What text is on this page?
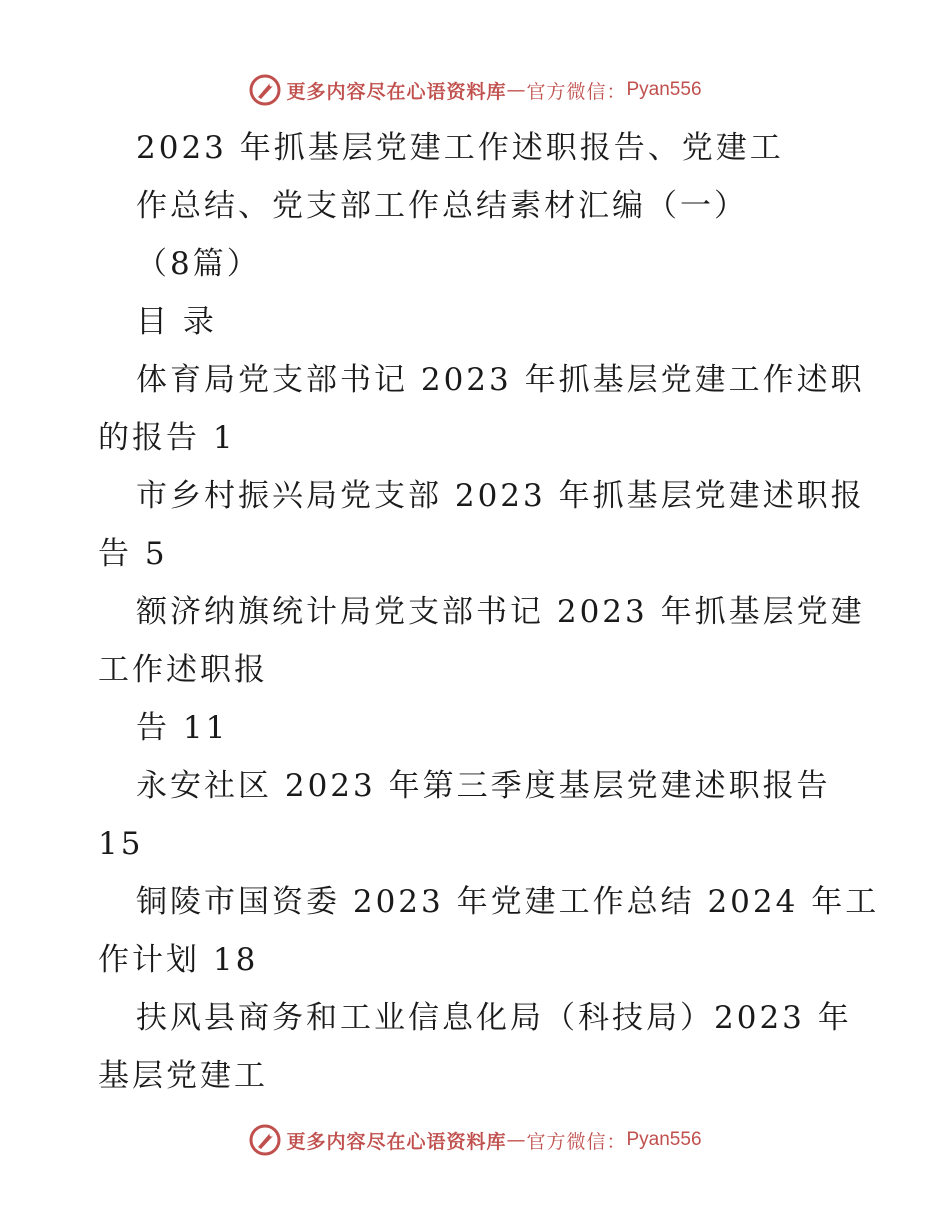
更多内容尽在心语资料库 — 官方微信： Pyan556
2023 年抓基层党建工作述职报告、党建工
作总结、党支部工作总结素材汇编（一）
（8篇）
目 录
体育局党支部书记 2023 年抓基层党建工作述职
的报告 1
市乡村振兴局党支部 2023 年抓基层党建述职报
告 5
额济纳旗统计局党支部书记 2023 年抓基层党建
工作述职报
告 11
永安社区 2023 年第三季度基层党建述职报告
15
铜陵市国资委 2023 年党建工作总结 2024 年工
作计划 18
扶风县商务和工业信息化局（科技局）2023 年
基层党建工
更多内容尽在心语资料库 — 官方微信： Pyan556
